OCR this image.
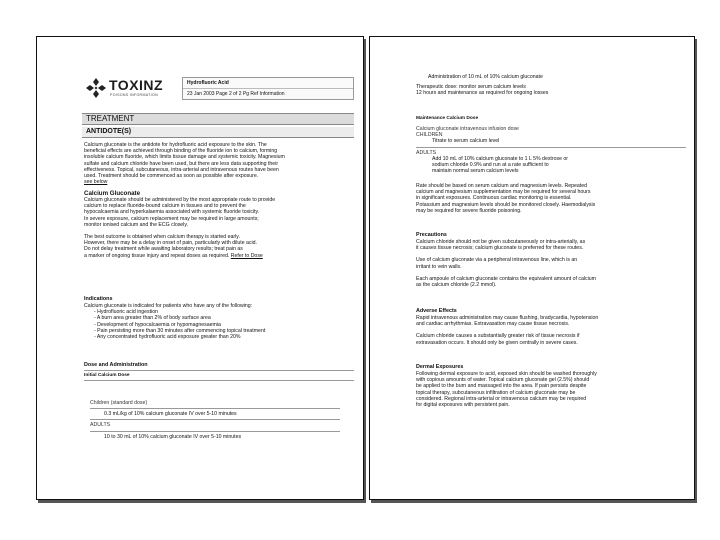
TOXINZ
POISONS INFORMATION
Hydrofluoric Acid
23 Jan 2003 Page 2 of 2 Pg Ref Information
TREATMENT
ANTIDOTE(S)

Calcium gluconate is the antidote for hydrofluoric acid exposure to the skin. The

beneficial effects are achieved through binding of the fluoride ion to calcium, forming

insoluble calcium fluoride, which limits tissue damage and systemic toxicity. Magnesium

sulfate and calcium chloride have been used, but there are less data supporting their

effectiveness. Topical, subcutaneous, intra-arterial and intravenous routes have been

used. Treatment should be commenced as soon as possible after exposure.

see below

Calcium Gluconate

Calcium gluconate should be administered by the most appropriate route to provide

calcium to replace fluoride-bound calcium in tissues and to prevent the

hypocalcaemia and hyperkalaemia associated with systemic fluoride toxicity.

In severe exposure, calcium replacement may be required in large amounts;

monitor ionised calcium and the ECG closely.

The best outcome is obtained when calcium therapy is started early.

However, there may be a delay in onset of pain, particularly with dilute acid.

Do not delay treatment while awaiting laboratory results; treat pain as

a marker of ongoing tissue injury and repeat doses as required. Refer to Dose

Indications

Calcium gluconate is indicated for patients who have any of the following:

- Hydrofluoric acid ingestion

- A burn area greater than 2% of body surface area

- Development of hypocalcaemia or hypomagnesaemia

- Pain persisting more than 30 minutes after commencing topical treatment

- Any concentrated hydrofluoric acid exposure greater than 20%

Dose and Administration
Initial Calcium Dose

Children (standard dose)

0.3 mL/kg of 10% calcium gluconate IV over 5-10 minutes

ADULTS

10 to 30 mL of 10% calcium gluconate IV over 5-10 minutes

Administration of 10 mL of 10% calcium gluconate

Therapeutic dose: monitor serum calcium levels

12 hours and maintenance as required for ongoing losses

Maintenance Calcium Dose

Calcium gluconate intravenous infusion dose

CHILDREN

Titrate to serum calcium level

ADULTS

Add 10 mL of 10% calcium gluconate to 1 L 5% dextrose or

sodium chloride 0.9% and run at a rate sufficient to

maintain normal serum calcium levels

Rate should be based on serum calcium and magnesium levels. Repeated

calcium and magnesium supplementation may be required for several hours

in significant exposures. Continuous cardiac monitoring is essential.

Potassium and magnesium levels should be monitored closely. Haemodialysis

may be required for severe fluoride poisoning.

Precautions

Calcium chloride should not be given subcutaneously or intra-arterially, as

it causes tissue necrosis; calcium gluconate is preferred for these routes.

Use of calcium gluconate via a peripheral intravenous line, which is an

irritant to vein walls.

Each ampoule of calcium gluconate contains the equivalent amount of calcium

as the calcium chloride (2.2 mmol).

Adverse Effects

Rapid intravenous administration may cause flushing, bradycardia, hypotension

and cardiac arrhythmias. Extravasation may cause tissue necrosis.

Calcium chloride causes a substantially greater risk of tissue necrosis if

extravasation occurs. It should only be given centrally in severe cases.

Dermal Exposures

Following dermal exposure to acid, exposed skin should be washed thoroughly

with copious amounts of water. Topical calcium gluconate gel (2.5%) should

be applied to the burn and massaged into the area. If pain persists despite

topical therapy, subcutaneous infiltration of calcium gluconate may be

considered. Regional intra-arterial or intravenous calcium may be required

for digital exposures with persistent pain.
